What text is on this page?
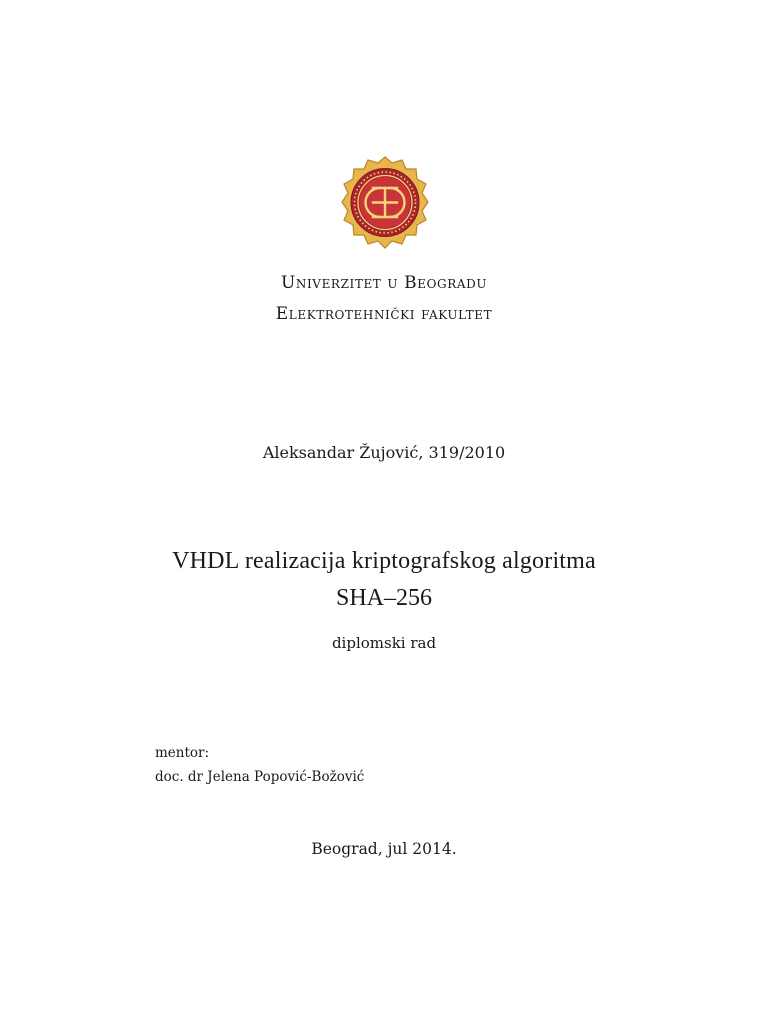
Univerzitet u Beogradu
Elektrotehnički fakultet
Aleksandar Žujović, 319/2010
VHDL realizacija kriptografskog algoritma
SHA–256
diplomski rad
mentor:
doc. dr Jelena Popović-Božović
Beograd, jul 2014.
